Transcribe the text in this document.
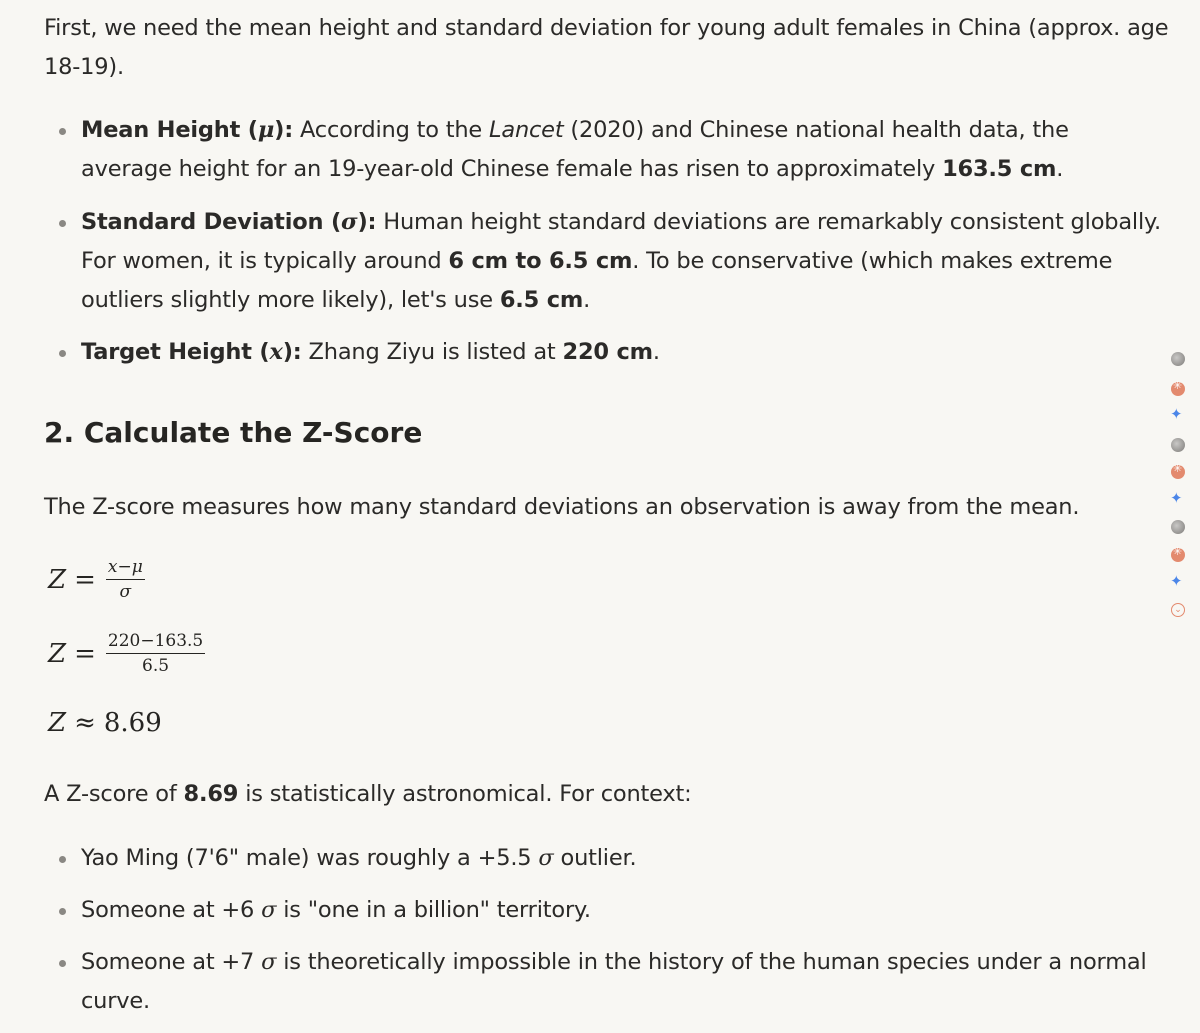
First, we need the mean height and standard deviation for young adult females in China (approx. age 18-19).

Mean Height (μ): According to the Lancet (2020) and Chinese national health data, the average height for an 19-year-old Chinese female has risen to approximately 163.5 cm.
Standard Deviation (σ): Human height standard deviations are remarkably consistent globally. For women, it is typically around 6 cm to 6.5 cm. To be conservative (which makes extreme outliers slightly more likely), let's use 6.5 cm.
Target Height (x): Zhang Ziyu is listed at 220 cm.
2. Calculate the Z-Score

The Z-score measures how many standard deviations an observation is away from the mean.

$Z = \frac{x-\mu}{\sigma}$
$Z = \frac{220-163.5}{6.5}$
Z ≈ 8.69

A Z-score of 8.69 is statistically astronomical. For context:

Yao Ming (7'6" male) was roughly a +5.5 σ outlier.
Someone at +6 σ is "one in a billion" territory.
Someone at +7 σ is theoretically impossible in the history of the human species under a normal curve.
✳
✦
✳
✦
✳
✦
⌄
